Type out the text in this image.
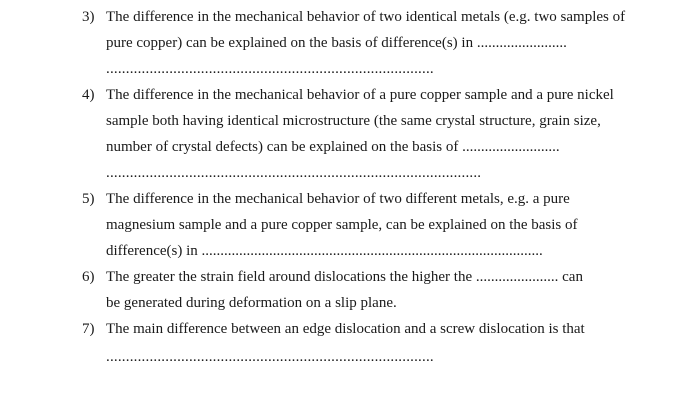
3) The difference in the mechanical behavior of two identical metals (e.g. two samples of
pure copper) can be explained on the basis of difference(s) in ........................
...................................................................................
4) The difference in the mechanical behavior of a pure copper sample and a pure nickel
sample both having identical microstructure (the same crystal structure, grain size,
number of crystal defects) can be explained on the basis of ..........................
...............................................................................................
5) The difference in the mechanical behavior of two different metals, e.g. a pure
magnesium sample and a pure copper sample, can be explained on the basis of
difference(s) in ...........................................................................................
6) The greater the strain field around dislocations the higher the ...................... can
be generated during deformation on a slip plane.
7) The main difference between an edge dislocation and a screw dislocation is that
...................................................................................
